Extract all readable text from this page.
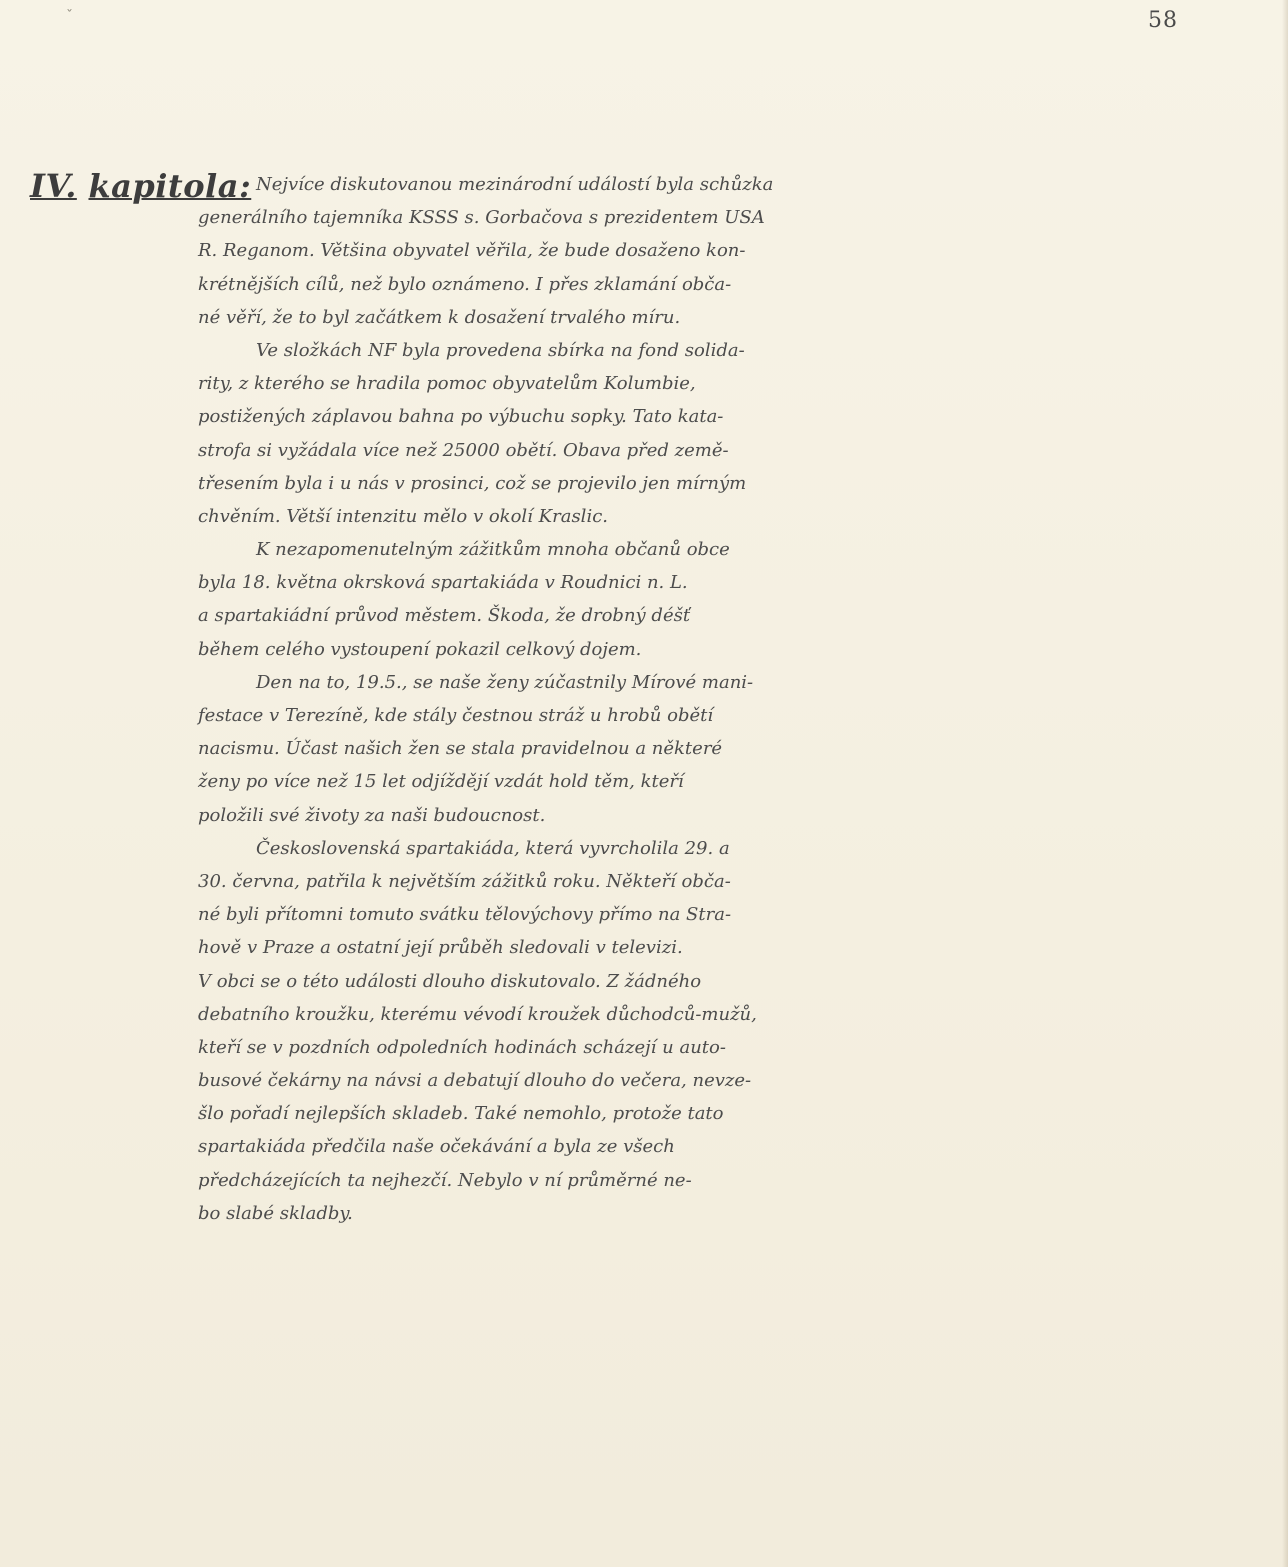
ˇ	58
IV. kapitola: Nejvíce diskutovanou mezinárodní událostí byla schůzka
generálního tajemníka KSSS s. Gorbačova s prezidentem USA
R. Reganom. Většina obyvatel věřila, že bude dosaženo kon-
krétnějších cílů, než bylo oznámeno. I přes zklamání obča-
né věří, že to byl začátkem k dosažení trvalého míru.
Ve složkách NF byla provedena sbírka na fond solida-
rity, z kterého se hradila pomoc obyvatelům Kolumbie,
postižených záplavou bahna po výbuchu sopky. Tato kata-
strofa si vyžádala více než 25000 obětí. Obava před země-
třesením byla i u nás v prosinci, což se projevilo jen mírným
chvěním. Větší intenzitu mělo v okolí Kraslic.
K nezapomenutelným zážitkům mnoha občanů obce
byla 18. května okrsková spartakiáda v Roudnici n. L.
a spartakiádní průvod městem. Škoda, že drobný déšť
během celého vystoupení pokazil celkový dojem.
Den na to, 19.5., se naše ženy zúčastnily Mírové mani-
festace v Terezíně, kde stály čestnou stráž u hrobů obětí
nacismu. Účast našich žen se stala pravidelnou a některé
ženy po více než 15 let odjíždějí vzdát hold těm, kteří
položili své životy za naši budoucnost.
Československá spartakiáda, která vyvrcholila 29. a
30. června, patřila k největším zážitků roku. Někteří obča-
né byli přítomni tomuto svátku tělovýchovy přímo na Stra-
hově v Praze a ostatní její průběh sledovali v televizi.
V obci se o této události dlouho diskutovalo. Z žádného
debatního kroužku, kterému vévodí kroužek důchodců-mužů,
kteří se v pozdních odpoledních hodinách scházejí u auto-
busové čekárny na návsi a debatují dlouho do večera, nevze-
šlo pořadí nejlepších skladeb. Také nemohlo, protože tato
spartakiáda předčila naše očekávání a byla ze všech
předcházejících ta nejhezčí. Nebylo v ní průměrné ne-
bo slabé skladby.
